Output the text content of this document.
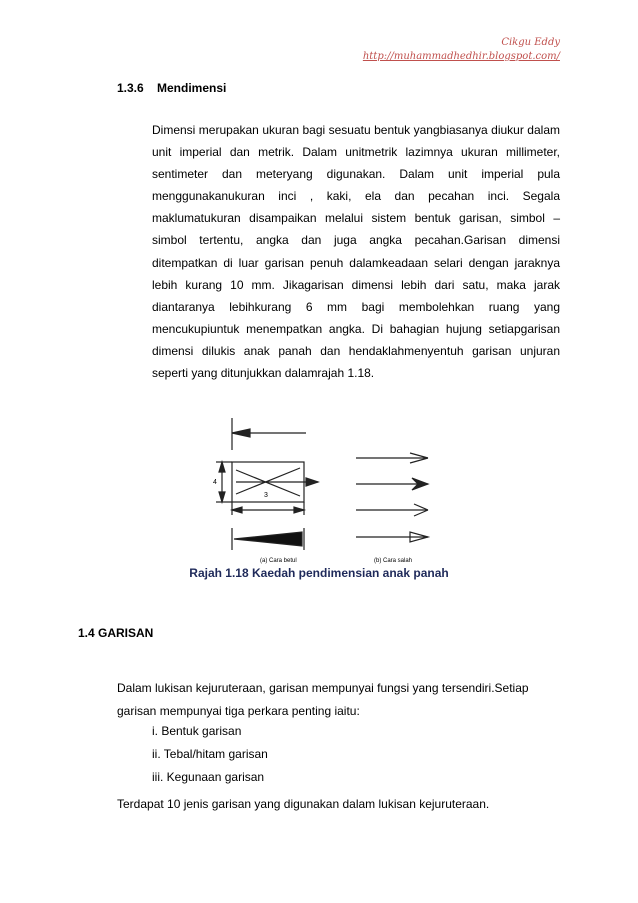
Cikgu Eddy
http://muhammadhedhir.blogspot.com/
1.3.6 Mendimensi
Dimensi merupakan ukuran bagi sesuatu bentuk yangbiasanya diukur dalam unit imperial dan metrik. Dalam unitmetrik lazimnya ukuran millimeter, sentimeter dan meteryang digunakan. Dalam unit imperial pula menggunakanukuran inci , kaki, ela dan pecahan inci. Segala maklumatukuran disampaikan melalui sistem bentuk garisan, simbol – simbol tertentu, angka dan juga angka pecahan.Garisan dimensi ditempatkan di luar garisan penuh dalamkeadaan selari dengan jaraknya lebih kurang 10 mm. Jikagarisan dimensi lebih dari satu, maka jarak diantaranya lebihkurang 6 mm bagi membolehkan ruang yang mencukupiuntuk menempatkan angka. Di bahagian hujung setiapgarisan dimensi dilukis anak panah dan hendaklahmenyentuh garisan unjuran seperti yang ditunjukkan dalamrajah 1.18.
4
3
(a) Cara betul	(b) Cara salah
Rajah 1.18 Kaedah pendimensian anak panah
1.4 GARISAN
Dalam lukisan kejuruteraan, garisan mempunyai fungsi yang tersendiri.Setiap garisan mempunyai tiga perkara penting iaitu:
i. Bentuk garisan
ii. Tebal/hitam garisan
iii. Kegunaan garisan
Terdapat 10 jenis garisan yang digunakan dalam lukisan kejuruteraan.
